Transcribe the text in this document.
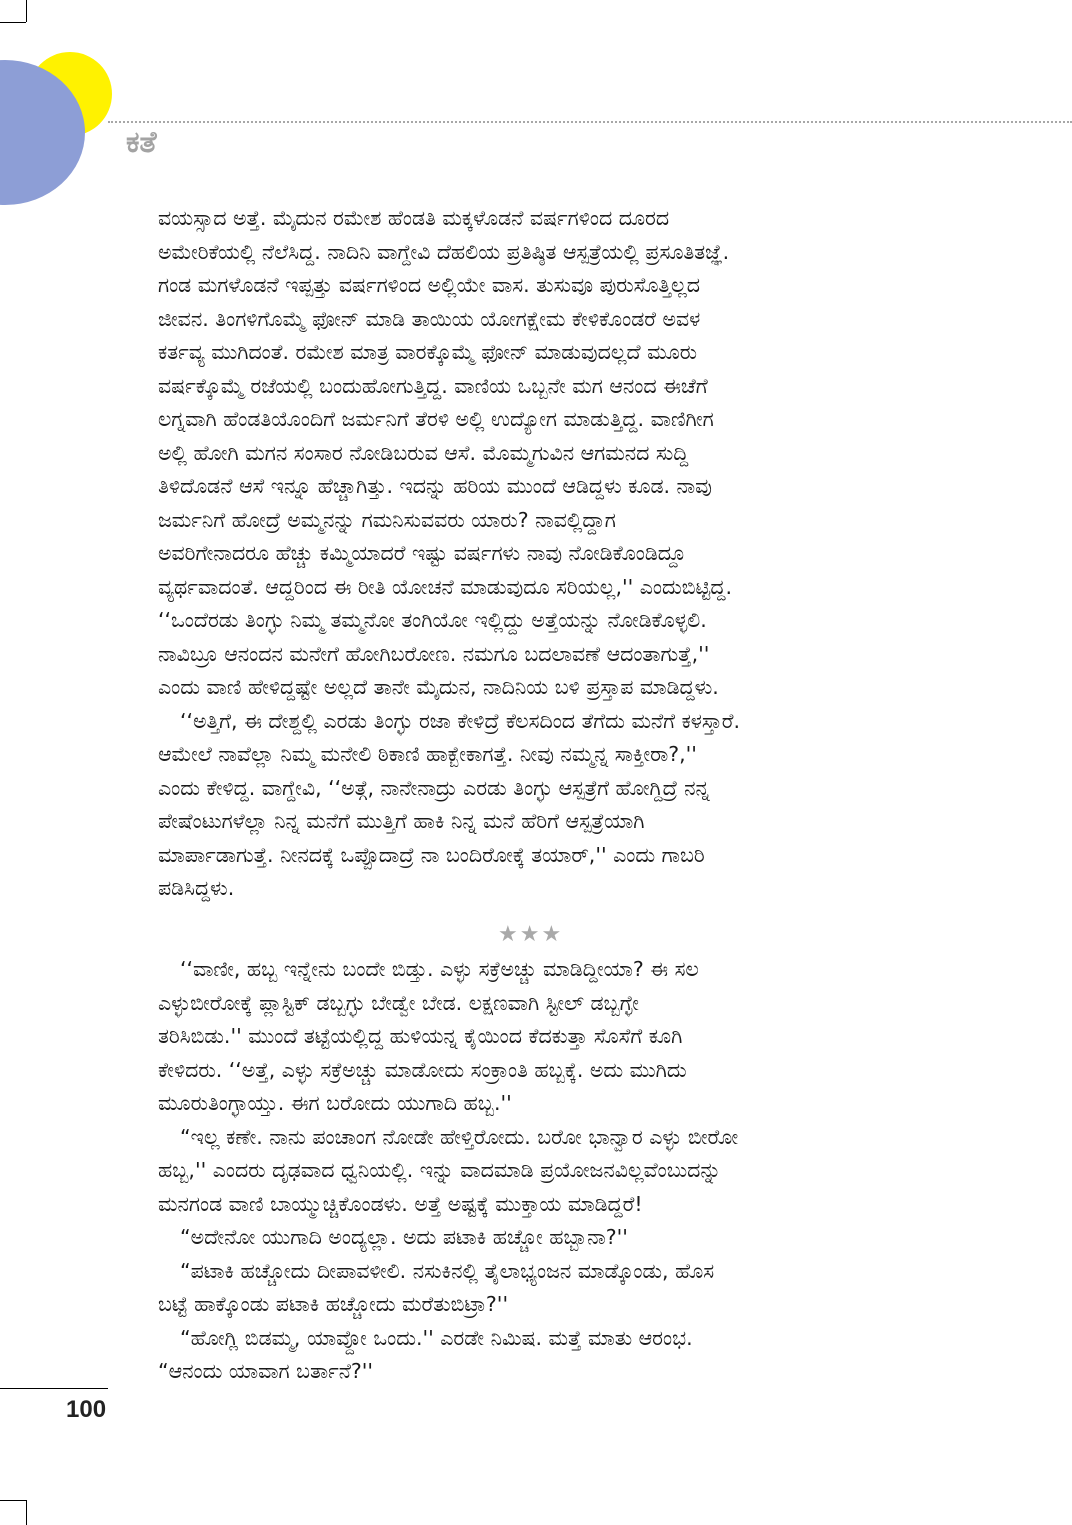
ಕತೆ
ವಯಸ್ಸಾದ ಅತ್ತೆ. ಮೈದುನ ರಮೇಶ ಹೆಂಡತಿ ಮಕ್ಕಳೊಡನೆ ವರ್ಷಗಳಿಂದ ದೂರದ
ಅಮೇರಿಕೆಯಲ್ಲಿ ನೆಲೆಸಿದ್ದ. ನಾದಿನಿ ವಾಗ್ದೇವಿ ದೆಹಲಿಯ ಪ್ರತಿಷ್ಠಿತ ಆಸ್ಪತ್ರೆಯಲ್ಲಿ ಪ್ರಸೂತಿತಜ್ಞೆ.
ಗಂಡ ಮಗಳೊಡನೆ ಇಪ್ಪತ್ತು ವರ್ಷಗಳಿಂದ ಅಲ್ಲಿಯೇ ವಾಸ. ತುಸುವೂ ಪುರುಸೊತ್ತಿಲ್ಲದ
ಜೀವನ. ತಿಂಗಳಿಗೊಮ್ಮೆ ಫೋನ್ ಮಾಡಿ ತಾಯಿಯ ಯೋಗಕ್ಷೇಮ ಕೇಳಿಕೊಂಡರೆ ಅವಳ
ಕರ್ತವ್ಯ ಮುಗಿದಂತೆ. ರಮೇಶ ಮಾತ್ರ ವಾರಕ್ಕೊಮ್ಮೆ ಫೋನ್ ಮಾಡುವುದಲ್ಲದೆ ಮೂರು
ವರ್ಷಕ್ಕೊಮ್ಮೆ ರಜೆಯಲ್ಲಿ ಬಂದುಹೋಗುತ್ತಿದ್ದ. ವಾಣಿಯ ಒಬ್ಬನೇ ಮಗ ಆನಂದ ಈಚೆಗೆ
ಲಗ್ನವಾಗಿ ಹೆಂಡತಿಯೊಂದಿಗೆ ಜರ್ಮನಿಗೆ ತೆರಳಿ ಅಲ್ಲಿ ಉದ್ಯೋಗ ಮಾಡುತ್ತಿದ್ದ. ವಾಣಿಗೀಗ
ಅಲ್ಲಿ ಹೋಗಿ ಮಗನ ಸಂಸಾರ ನೋಡಿಬರುವ ಆಸೆ. ಮೊಮ್ಮಗುವಿನ ಆಗಮನದ ಸುದ್ದಿ
ತಿಳಿದೊಡನೆ ಆಸೆ ಇನ್ನೂ ಹೆಚ್ಚಾಗಿತ್ತು. ಇದನ್ನು ಹರಿಯ ಮುಂದೆ ಆಡಿದ್ದಳು ಕೂಡ. ನಾವು
ಜರ್ಮನಿಗೆ ಹೋದ್ರೆ ಅಮ್ಮನನ್ನು ಗಮನಿಸುವವರು ಯಾರು? ನಾವಲ್ಲಿದ್ದಾಗ
ಅವರಿಗೇನಾದರೂ ಹೆಚ್ಚು ಕಮ್ಮಿಯಾದರೆ ಇಷ್ಟು ವರ್ಷಗಳು ನಾವು ನೋಡಿಕೊಂಡಿದ್ದೂ
ವ್ಯರ್ಥವಾದಂತೆ. ಆದ್ದರಿಂದ ಈ ರೀತಿ ಯೋಚನೆ ಮಾಡುವುದೂ ಸರಿಯಲ್ಲ,'' ಎಂದುಬಿಟ್ಟಿದ್ದ.
‘‘ಒಂದೆರಡು ತಿಂಗ್ಳು ನಿಮ್ಮ ತಮ್ಮನೋ ತಂಗಿಯೋ ಇಲ್ಲಿದ್ದು ಅತ್ತೆಯನ್ನು ನೋಡಿಕೊಳ್ಳಲಿ.
ನಾವಿಬ್ರೂ ಆನಂದನ ಮನೇಗೆ ಹೋಗಿಬರೋಣ. ನಮಗೂ ಬದಲಾವಣೆ ಆದಂತಾಗುತ್ತೆ,''
ಎಂದು ವಾಣಿ ಹೇಳಿದ್ದಷ್ಟೇ ಅಲ್ಲದೆ ತಾನೇ ಮೈದುನ, ನಾದಿನಿಯ ಬಳಿ ಪ್ರಸ್ತಾಪ ಮಾಡಿದ್ದಳು.
‘‘ಅತ್ತಿಗೆ, ಈ ದೇಶ್ದಲ್ಲಿ ಎರಡು ತಿಂಗ್ಳು ರಜಾ ಕೇಳಿದ್ರೆ ಕೆಲಸದಿಂದ ತೆಗೆದು ಮನೆಗೆ ಕಳಸ್ತಾರೆ.
ಆಮೇಲೆ ನಾವೆಲ್ಲಾ ನಿಮ್ಮ ಮನೇಲಿ ಠಿಕಾಣಿ ಹಾಕ್ಬೇಕಾಗತ್ತೆ. ನೀವು ನಮ್ಮನ್ನ ಸಾಕ್ತೀರಾ?,''
ಎಂದು ಕೇಳಿದ್ದ. ವಾಗ್ದೇವಿ, ‘‘ಅತ್ಗೆ, ನಾನೇನಾದ್ರು ಎರಡು ತಿಂಗ್ಳು ಆಸ್ಪತ್ರೆಗೆ ಹೋಗ್ದಿದ್ರೆ ನನ್ನ
ಪೇಷೆಂಟುಗಳೆಲ್ಲಾ ನಿನ್ನ ಮನೆಗೆ ಮುತ್ತಿಗೆ ಹಾಕಿ ನಿನ್ನ ಮನೆ ಹೆರಿಗೆ ಆಸ್ಪತ್ರೆಯಾಗಿ
ಮಾರ್ಪಾಡಾಗುತ್ತೆ. ನೀನದಕ್ಕೆ ಒಪ್ಪೊದಾದ್ರೆ ನಾ ಬಂದಿರೋಕ್ಕೆ ತಯಾರ್,'' ಎಂದು ಗಾಬರಿ
ಪಡಿಸಿದ್ದಳು.
★★★
‘‘ವಾಣೀ, ಹಬ್ಬ ಇನ್ನೇನು ಬಂದೇ ಬಿಡ್ತು. ಎಳ್ಳು ಸಕ್ರೆಅಚ್ಚು ಮಾಡಿದ್ದೀಯಾ? ಈ ಸಲ
ಎಳ್ಳುಬೀರೋಕ್ಕೆ ಪ್ಲಾಸ್ಟಿಕ್ ಡಬ್ಬಗ್ಳು ಬೇಡ್ವೇ ಬೇಡ. ಲಕ್ಷಣವಾಗಿ ಸ್ಟೀಲ್ ಡಬ್ಬಗ್ಳೇ
ತರಿಸಿಬಿಡು.'' ಮುಂದೆ ತಟ್ಟೆಯಲ್ಲಿದ್ದ ಹುಳಿಯನ್ನ ಕೈಯಿಂದ ಕೆದಕುತ್ತಾ ಸೊಸೆಗೆ ಕೂಗಿ
ಕೇಳಿದರು. ‘‘ಅತ್ತೆ, ಎಳ್ಳು ಸಕ್ರೆಅಚ್ಚು ಮಾಡೋದು ಸಂಕ್ರಾಂತಿ ಹಬ್ಬಕ್ಕೆ. ಅದು ಮುಗಿದು
ಮೂರುತಿಂಗ್ಳಾಯ್ತು. ಈಗ ಬರೋದು ಯುಗಾದಿ ಹಬ್ಬ.''
“ಇಲ್ಲ ಕಣೇ. ನಾನು ಪಂಚಾಂಗ ನೋಡೇ ಹೇಳ್ತಿರೋದು. ಬರೋ ಭಾನ್ವಾರ ಎಳ್ಳು ಬೀರೋ
ಹಬ್ಬ,'' ಎಂದರು ದೃಢವಾದ ಧ್ವನಿಯಲ್ಲಿ. ಇನ್ನು ವಾದಮಾಡಿ ಪ್ರಯೋಜನವಿಲ್ಲವೆಂಬುದನ್ನು
ಮನಗಂಡ ವಾಣಿ ಬಾಯ್ಮುಚ್ಚಿಕೊಂಡಳು. ಅತ್ತೆ ಅಷ್ಟಕ್ಕೆ ಮುಕ್ತಾಯ ಮಾಡಿದ್ದರೆ!
“ಅದೇನೋ ಯುಗಾದಿ ಅಂದ್ಯಲ್ಲಾ. ಅದು ಪಟಾಕಿ ಹಚ್ಚೋ ಹಬ್ಬಾನಾ?''
“ಪಟಾಕಿ ಹಚ್ಚೋದು ದೀಪಾವಳೀಲಿ. ನಸುಕಿನಲ್ಲಿ ತೈಲಾಭ್ಯಂಜನ ಮಾಡ್ಕೊಂಡು, ಹೊಸ
ಬಟ್ಟೆ ಹಾಕ್ಕೊಂಡು ಪಟಾಕಿ ಹಚ್ಚೋದು ಮರೆತುಬಿಟ್ರಾ?''
“ಹೋಗ್ಲಿ ಬಿಡಮ್ಮ, ಯಾವ್ದೋ ಒಂದು.'' ಎರಡೇ ನಿಮಿಷ. ಮತ್ತೆ ಮಾತು ಆರಂಭ.
“ಆನಂದು ಯಾವಾಗ ಬರ್ತಾನೆ?''
100
